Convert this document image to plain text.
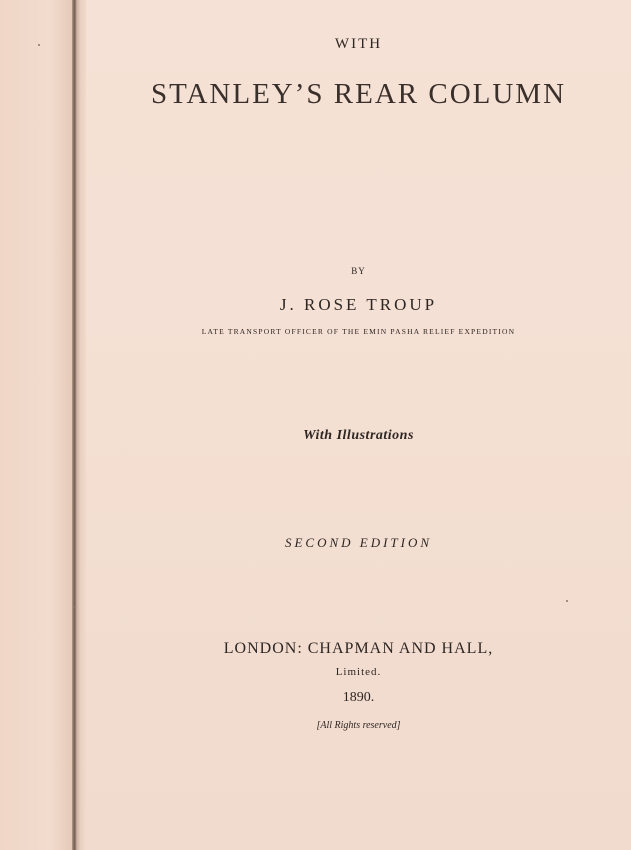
WITH
STANLEY’S REAR COLUMN
BY
J. ROSE TROUP
LATE TRANSPORT OFFICER OF THE EMIN PASHA RELIEF EXPEDITION
With Illustrations
SECOND EDITION
LONDON: CHAPMAN AND HALL,
Limited.
1890.
[All Rights reserved]
